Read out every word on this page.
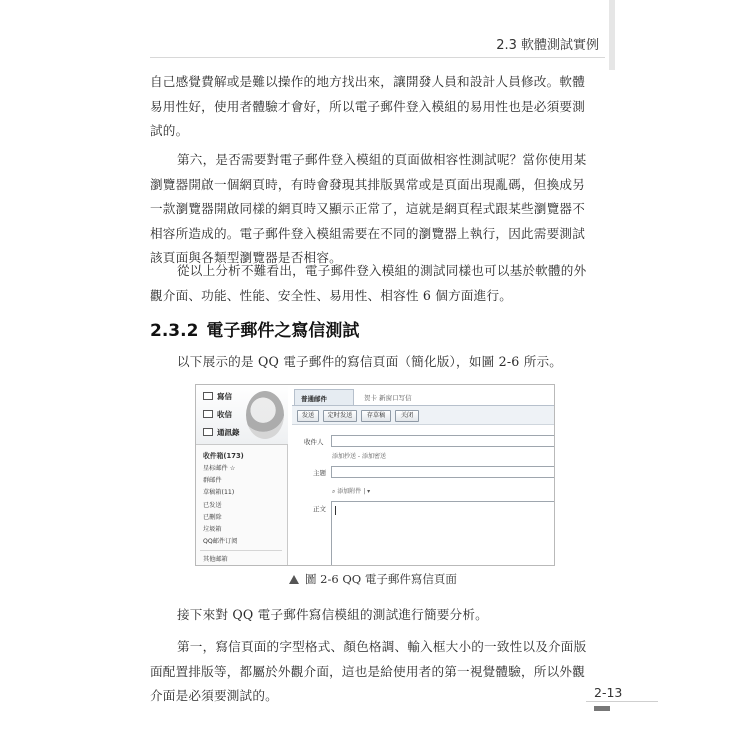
2.3 軟體測試實例
自己感覺費解或是難以操作的地方找出來，讓開發人員和設計人員修改。軟體
易用性好，使用者體驗才會好，所以電子郵件登入模組的易用性也是必須要測
試的。
第六，是否需要對電子郵件登入模組的頁面做相容性測試呢？當你使用某
瀏覽器開啟一個網頁時，有時會發現其排版異常或是頁面出現亂碼，但換成另
一款瀏覽器開啟同樣的網頁時又顯示正常了，這就是網頁程式跟某些瀏覽器不
相容所造成的。電子郵件登入模組需要在不同的瀏覽器上執行，因此需要測試
該頁面與各類型瀏覽器是否相容。
從以上分析不難看出，電子郵件登入模組的測試同樣也可以基於軟體的外
觀介面、功能、性能、安全性、易用性、相容性 6 個方面進行。
2.3.2 電子郵件之寫信測試
以下展示的是 QQ 電子郵件的寫信頁面（簡化版），如圖 2-6 所示。
寫信
收信
通訊錄
收件箱(173)
星标邮件 ☆
群邮件
草稿箱(11)
已发送
已删除
垃圾箱
QQ邮件订阅
其他邮箱
普通邮件	贺卡 新窗口写信
发送	定时发送	存草稿	关闭
收件人
添加抄送 - 添加密送
主题
⌕ 添加附件 | ▾
正文
圖 2-6 QQ 電子郵件寫信頁面
接下來對 QQ 電子郵件寫信模組的測試進行簡要分析。
第一，寫信頁面的字型格式、顏色格調、輸入框大小的一致性以及介面版
面配置排版等，都屬於外觀介面，這也是給使用者的第一視覺體驗，所以外觀
介面是必須要測試的。	2-13
